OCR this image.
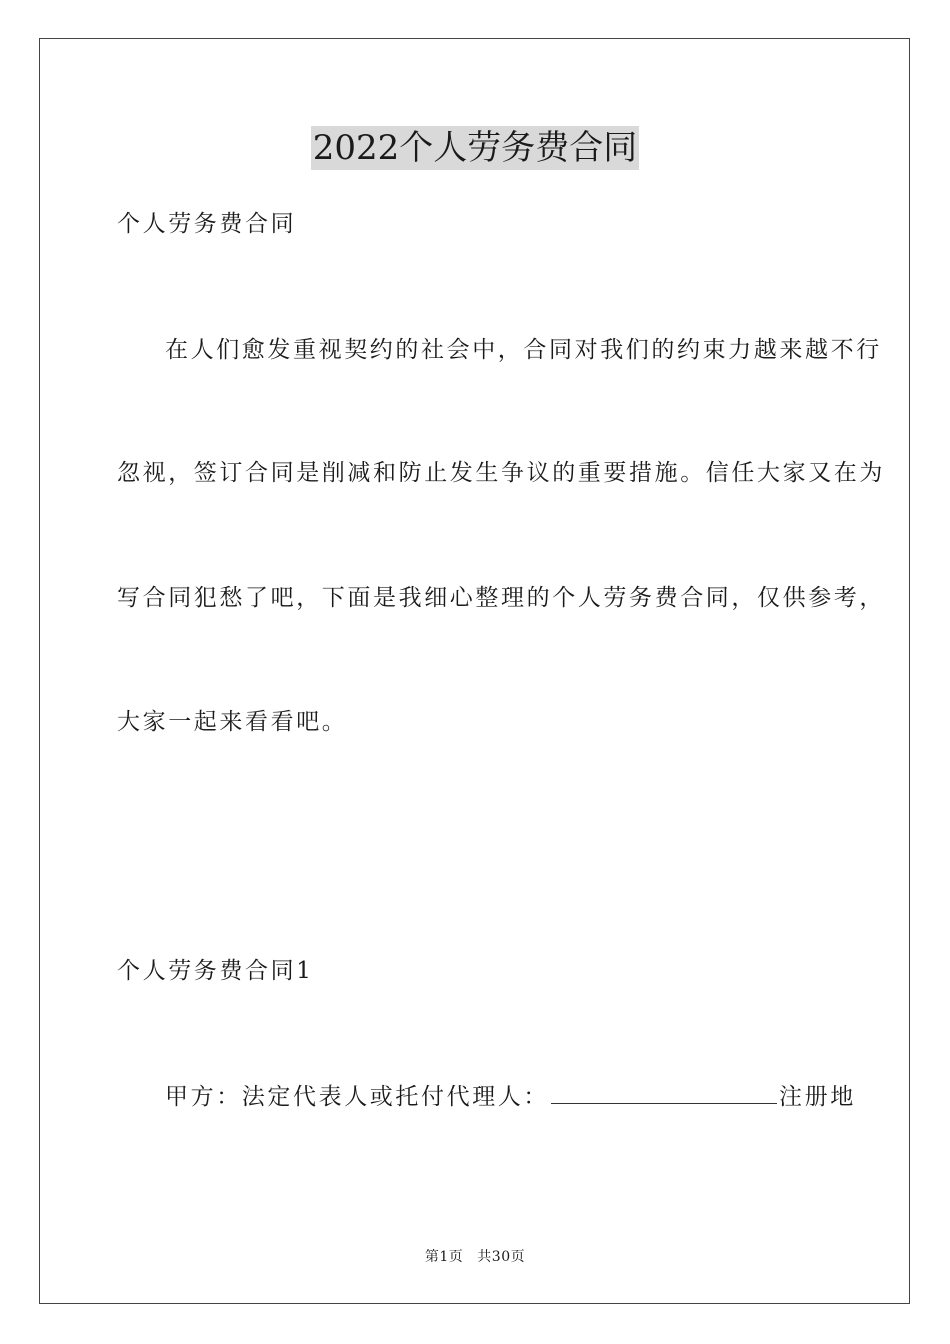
2022个人劳务费合同
个人劳务费合同
在人们愈发重视契约的社会中，合同对我们的约束力越来越不行
忽视，签订合同是削减和防止发生争议的重要措施。信任大家又在为
写合同犯愁了吧，下面是我细心整理的个人劳务费合同，仅供参考，
大家一起来看看吧。
个人劳务费合同1
甲方：法定代表人或托付代理人：	注册地
第1页 共30页
